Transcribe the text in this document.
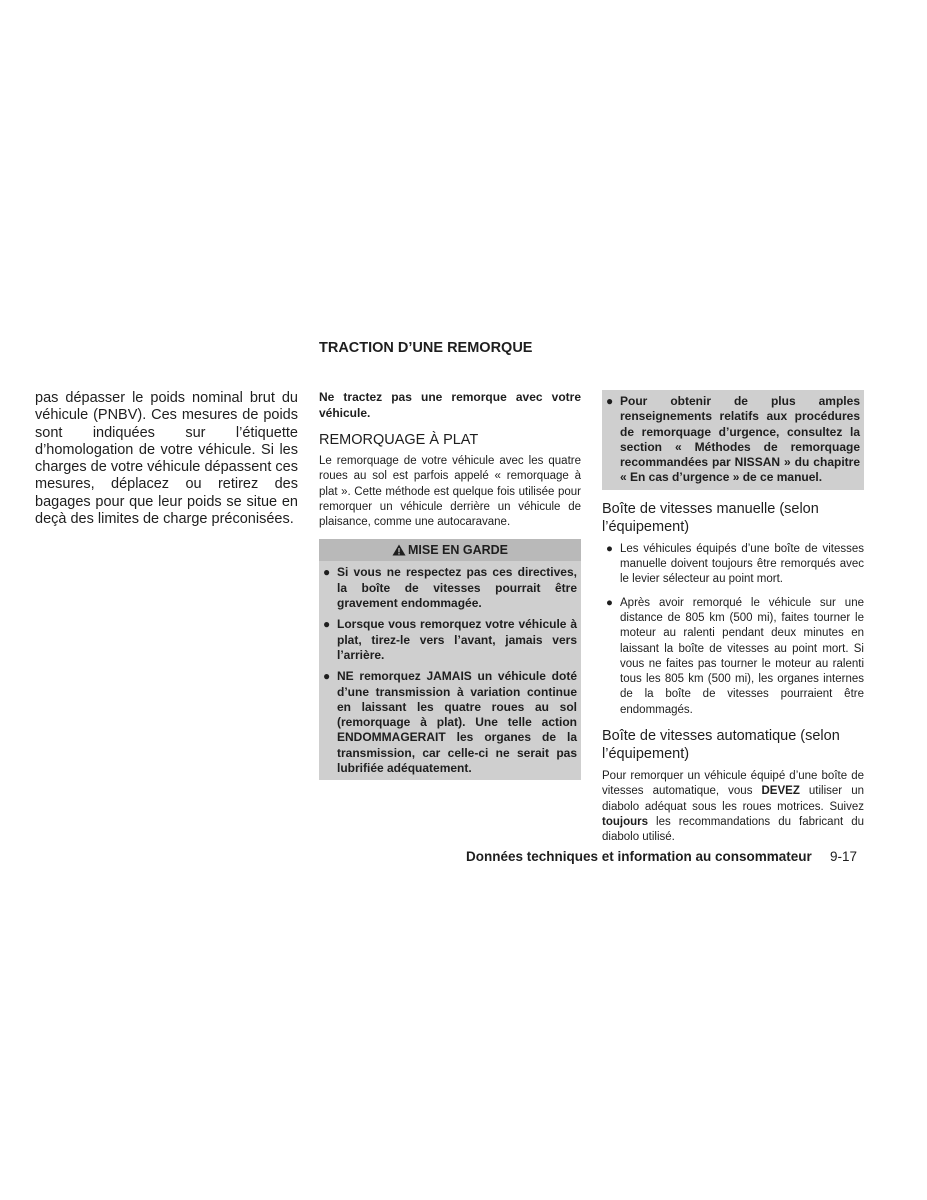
TRACTION D’UNE REMORQUE
pas dépasser le poids nominal brut du véhicule (PNBV). Ces mesures de poids sont indiquées sur l’étiquette d’homologation de votre véhicule. Si les charges de votre véhicule dépassent ces mesures, déplacez ou retirez des bagages pour que leur poids se situe en deçà des limites de charge préconisées.

Ne tractez pas une remorque avec votre véhicule.

REMORQUAGE À PLAT

Le remorquage de votre véhicule avec les quatre roues au sol est parfois appelé « remorquage à plat ». Cette méthode est quelque fois utilisée pour remorquer un véhicule derrière un véhicule de plaisance, comme une autocaravane.

MISE EN GARDE
● Si vous ne respectez pas ces directives, la boîte de vitesses pourrait être gravement endommagée.
● Lorsque vous remorquez votre véhicule à plat, tirez-le vers l’avant, jamais vers l’arrière.
● NE remorquez JAMAIS un véhicule doté d’une transmission à variation continue en laissant les quatre roues au sol (remorquage à plat). Une telle action ENDOMMAGERAIT les organes de la transmission, car celle-ci ne serait pas lubrifiée adéquatement.
● Pour obtenir de plus amples renseignements relatifs aux procédures de remorquage d’urgence, consultez la section « Méthodes de remorquage recommandées par NISSAN » du chapitre « En cas d’urgence » de ce manuel.
Boîte de vitesses manuelle (selon l’équipement)
● Les véhicules équipés d’une boîte de vitesses manuelle doivent toujours être remorqués avec le levier sélecteur au point mort.
● Après avoir remorqué le véhicule sur une distance de 805 km (500 mi), faites tourner le moteur au ralenti pendant deux minutes en laissant la boîte de vitesses au point mort. Si vous ne faites pas tourner le moteur au ralenti tous les 805 km (500 mi), les organes internes de la boîte de vitesses pourraient être endommagés.
Boîte de vitesses automatique (selon l’équipement)

Pour remorquer un véhicule équipé d’une boîte de vitesses automatique, vous DEVEZ utiliser un diabolo adéquat sous les roues motrices. Suivez toujours les recommandations du fabricant du diabolo utilisé.

Données techniques et information au consommateur 9-17
